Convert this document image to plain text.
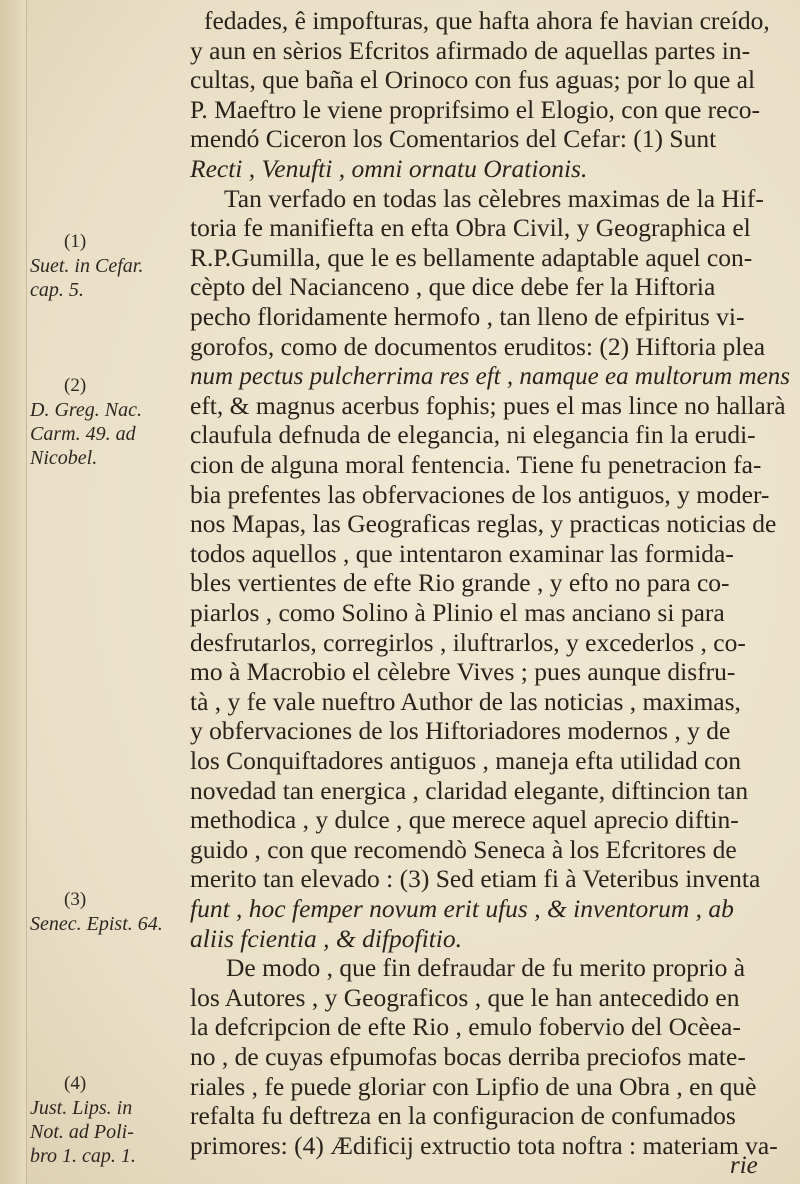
(1)
Suet. in Cefar.
cap. 5.
(2)
D. Greg. Nac.
Carm. 49. ad
Nicobel.
(3)
Senec. Epist. 64.
(4)
Just. Lips. in
Not. ad Poli-
bro 1. cap. 1.
fedades, ê impofturas, que hafta ahora fe havian creído,
y aun en sèrios Efcritos afirmado de aquellas partes in-
cultas, que baña el Orinoco con fus aguas; por lo que al
P. Maeftro le viene proprifsimo el Elogio, con que reco-
mendó Ciceron los Comentarios del Cefar: (1) Sunt
Recti , Venufti , omni ornatu Orationis.
Tan verfado en todas las cèlebres maximas de la Hif-
toria fe manifiefta en efta Obra Civil, y Geographica el
R.P.Gumilla, que le es bellamente adaptable aquel con-
cèpto del Nacianceno , que dice debe fer la Hiftoria
pecho floridamente hermofo , tan lleno de efpiritus vi-
gorofos, como de documentos eruditos: (2) Hiftoria plea
num pectus pulcherrima res eft , namque ea multorum mens
eft, & magnus acerbus fophis; pues el mas lince no hallarà
claufula defnuda de elegancia, ni elegancia fin la erudi-
cion de alguna moral fentencia. Tiene fu penetracion fa-
bia prefentes las obfervaciones de los antiguos, y moder-
nos Mapas, las Geograficas reglas, y practicas noticias de
todos aquellos , que intentaron examinar las formida-
bles vertientes de efte Rio grande , y efto no para co-
piarlos , como Solino à Plinio el mas anciano si para
desfrutarlos, corregirlos , iluftrarlos, y excederlos , co-
mo à Macrobio el cèlebre Vives ; pues aunque disfru-
tà , y fe vale nueftro Author de las noticias , maximas,
y obfervaciones de los Hiftoriadores modernos , y de
los Conquiftadores antiguos , maneja efta utilidad con
novedad tan energica , claridad elegante, diftincion tan
methodica , y dulce , que merece aquel aprecio diftin-
guido , con que recomendò Seneca à los Efcritores de
merito tan elevado : (3) Sed etiam fi à Veteribus inventa
funt , hoc femper novum erit ufus , & inventorum , ab
aliis fcientia , & difpofitio.
De modo , que fin defraudar de fu merito proprio à
los Autores , y Geograficos , que le han antecedido en
la defcripcion de efte Rio , emulo fobervio del Ocèea-
no , de cuyas efpumofas bocas derriba preciofos mate-
riales , fe puede gloriar con Lipfio de una Obra , en què
refalta fu deftreza en la configuracion de confumados
primores: (4) Ædificij extructio tota noftra : materiam va-
rie
